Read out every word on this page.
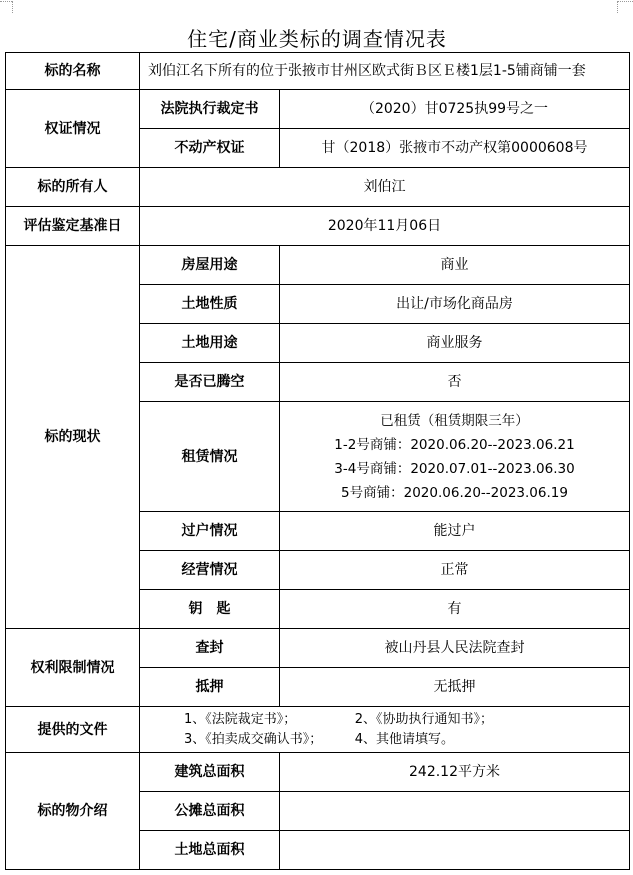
住宅/商业类标的调查情况表
标的名称	刘伯江名下所有的位于张掖市甘州区欧式街Ｂ区Ｅ楼1层1-5铺商铺一套	
权证情况	法院执行裁定书	（2020）甘0725执99号之一
	不动产权证	甘（2018）张掖市不动产权第0000608号
标的所有人	刘伯江	
评估鉴定基准日	2020年11月06日	
标的现状	房屋用途	商业
	土地性质	出让/市场化商品房
	土地用途	商业服务
	是否已腾空	否
	租赁情况	已租赁（租赁期限三年）
1-2号商铺：2020.06.20--2023.06.21
3-4号商铺：2020.07.01--2023.06.30
5号商铺：2020.06.20--2023.06.19

	过户情况	能过户
	经营情况	正常
	钥　匙	有
权利限制情况	查封	被山丹县人民法院查封
	抵押	无抵押
提供的文件	1、《法院裁定书》；　　　　　2、《协助执行通知书》；
3、《拍卖成交确认书》；　　　4、其他请填写。	

标的物介绍	建筑总面积	242.12平方米
	公摊总面积	
	土地总面积	
